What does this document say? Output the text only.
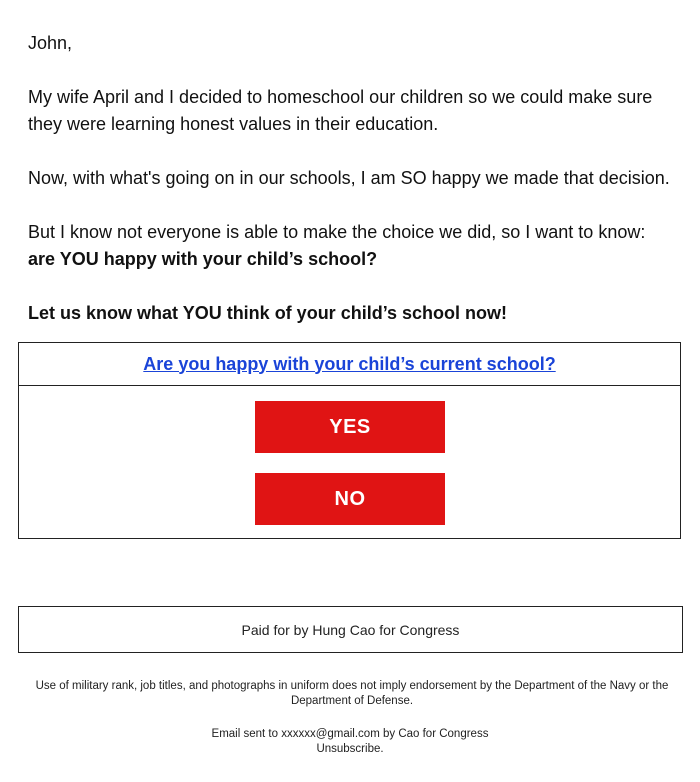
John,

My wife April and I decided to homeschool our children so we could make sure they were learning honest values in their education.

Now, with what's going on in our schools, I am SO happy we made that decision.

But I know not everyone is able to make the choice we did, so I want to know:
are YOU happy with your child’s school?

Let us know what YOU think of your child’s school now!

Are you happy with your child’s current school?
YES
NO
Paid for by Hung Cao for Congress
Use of military rank, job titles, and photographs in uniform does not imply endorsement by the Department of the Navy or the Department of Defense.
Email sent to xxxxxx@gmail.com by Cao for Congress
Unsubscribe.
